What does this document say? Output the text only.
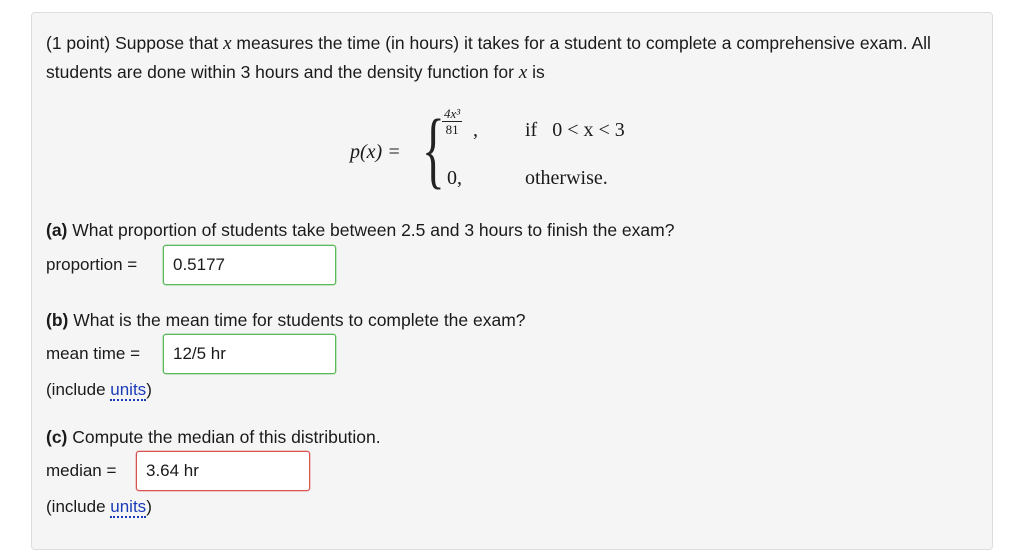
(1 point) Suppose that x measures the time (in hours) it takes for a student to complete a comprehensive exam. All students are done within 3 hours and the density function for x is
p(x) = {
$\frac{\text{4x³}}{81}$ , if   0 < x < 3
0,	otherwise.
(a) What proportion of students take between 2.5 and 3 hours to finish the exam?
proportion =	0.5177
(b) What is the mean time for students to complete the exam?
mean time =	12/5 hr
(include units)
(c) Compute the median of this distribution.
median =	3.64 hr
(include units)
